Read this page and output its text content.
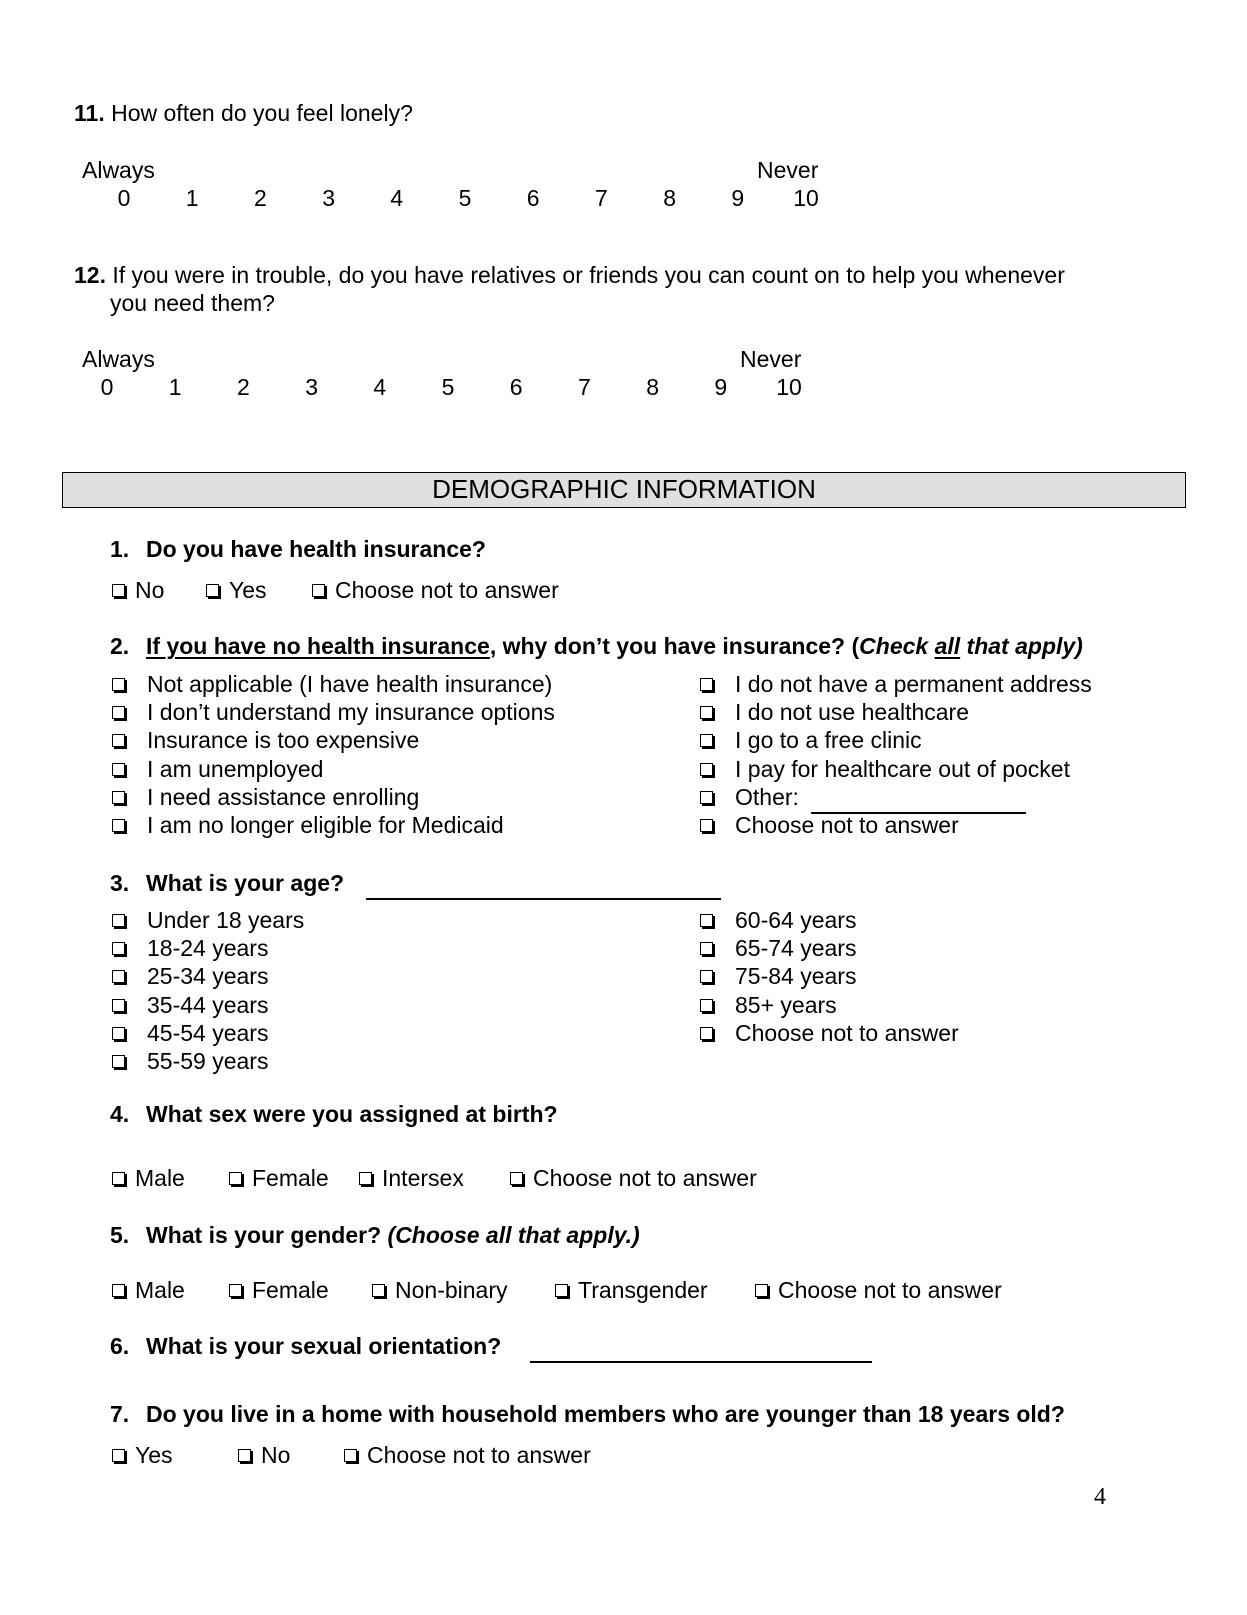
11. How often do you feel lonely?
Always	Never
0	1	2	3	4	5	6	7	8	9	10
12. If you were in trouble, do you have relatives or friends you can count on to help you whenever
you need them?
Always	Never
0	1	2	3	4	5	6	7	8	9	10
DEMOGRAPHIC INFORMATION
1. Do you have health insurance?
No	Yes	Choose not to answer
2. If you have no health insurance, why don’t you have insurance? (Check all that apply)
Not applicable (I have health insurance)
I don’t understand my insurance options
Insurance is too expensive
I am unemployed
I need assistance enrolling
I am no longer eligible for Medicaid
I do not have a permanent address
I do not use healthcare
I go to a free clinic
I pay for healthcare out of pocket
Other:
Choose not to answer
3. What is your age?
Under 18 years
18-24 years
25-34 years
35-44 years
45-54 years
55-59 years
60-64 years
65-74 years
75-84 years
85+ years
Choose not to answer
4. What sex were you assigned at birth?
Male	Female Intersex	Choose not to answer
5. What is your gender? (Choose all that apply.)
Male	Female	Non-binary	Transgender	Choose not to answer
6. What is your sexual orientation?
7. Do you live in a home with household members who are younger than 18 years old?
Yes	No	Choose not to answer
4
